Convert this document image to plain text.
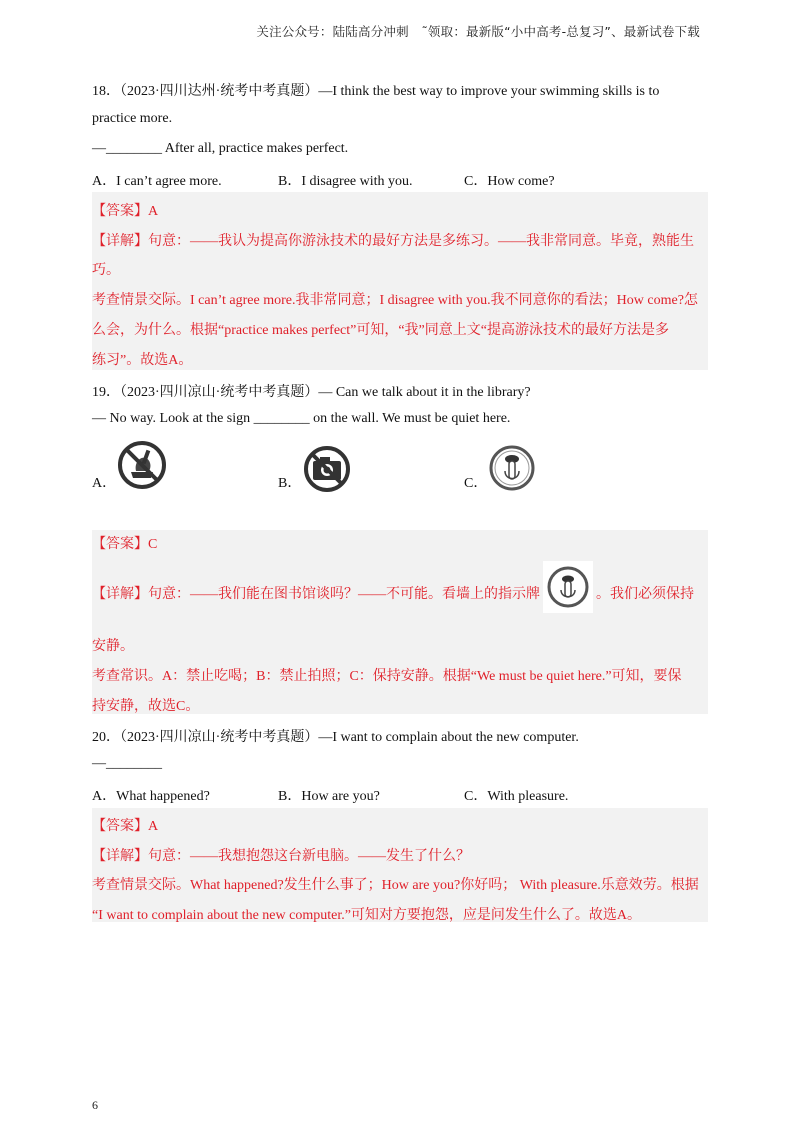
关注公众号：陆陆高分冲刺　˜领取：最新版“小中高考-总复习”、最新试卷下载
18．（2023·四川达州·统考中考真题）—I think the best way to improve your swimming skills is to
practice more.
—________ After all, practice makes perfect.
A．I can’t agree more.	B．I disagree with you.	C．How come?
【答案】A
【详解】句意：——我认为提高你游泳技术的最好方法是多练习。——我非常同意。毕竟，熟能生
巧。
考查情景交际。I can’t agree more.我非常同意；I disagree with you.我不同意你的看法；How come?怎
么会，为什么。根据“practice makes perfect”可知，“我”同意上文“提高游泳技术的最好方法是多
练习”。故选A。
19．（2023·四川凉山·统考中考真题）— Can we talk about it in the library?
— No way. Look at the sign ________ on the wall. We must be quiet here.
A．	B．	C．
【答案】C
【详解】句意：——我们能在图书馆谈吗？——不可能。看墙上的指示牌	。我们必须保持
安静。
考查常识。A：禁止吃喝；B：禁止拍照；C：保持安静。根据“We must be quiet here.”可知，要保
持安静，故选C。
20．（2023·四川凉山·统考中考真题）—I want to complain about the new computer.
—________
A．What happened?	B．How are you?	C．With pleasure.
【答案】A
【详解】句意：——我想抱怨这台新电脑。——发生了什么？
考查情景交际。What happened?发生什么事了；How are you?你好吗； With pleasure.乐意效劳。根据
“I want to complain about the new computer.”可知对方要抱怨，应是问发生什么了。故选A。
6
